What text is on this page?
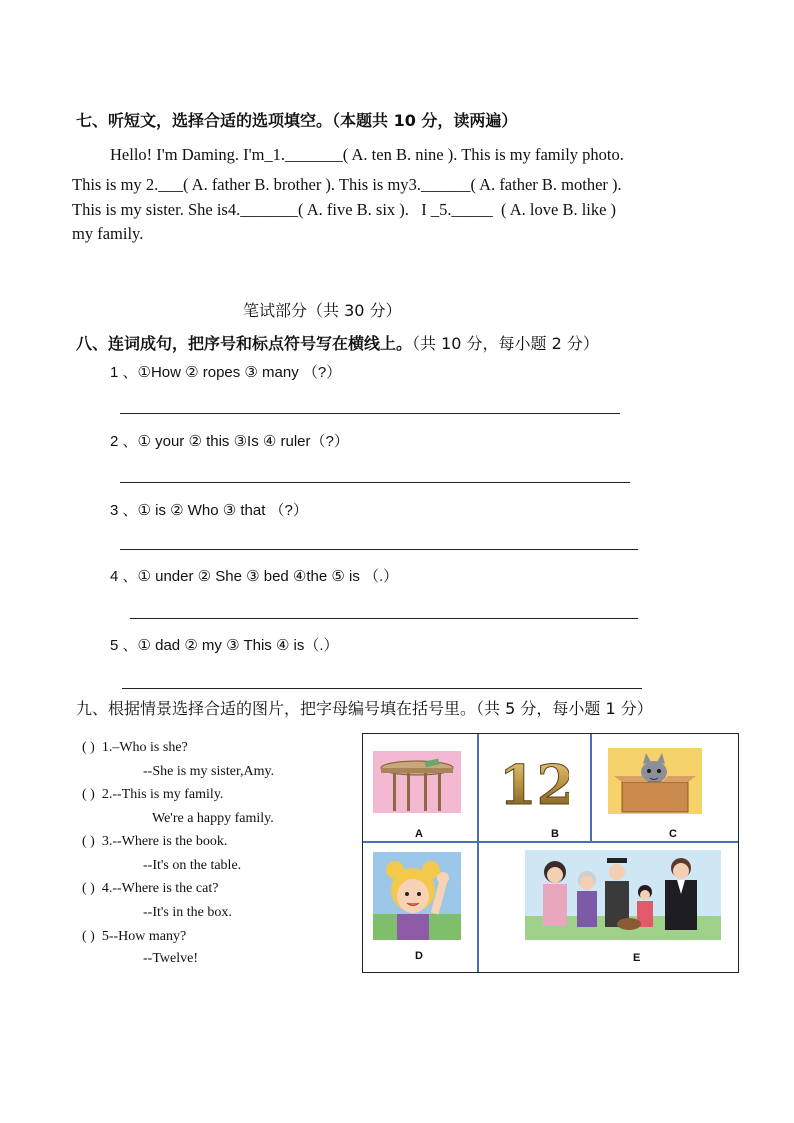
七、听短文，选择合适的选项填空。（本题共 10 分，读两遍）
Hello! I'm Daming. I'm_1._______( A. ten B. nine ). This is my family photo.
This is my 2.___( A. father B. brother ). This is my3.______( A. father B. mother ).
This is my sister. She is4._______( A. five B. six ). I _5._____ ( A. love B. like )
my family.
笔试部分（共 30 分）
八、连词成句，把序号和标点符号写在横线上。（共 10 分，每小题 2 分）
1 、①How ② ropes ③ many （?）
2 、① your ② this ③Is ④ ruler（?）
3 、① is ② Who ③ that （?）
4 、① under ② She ③ bed ④the ⑤ is （.）
5 、① dad ② my ③ This ④ is（.）
九、根据情景选择合适的图片，把字母编号填在括号里。（共 5 分，每小题 1 分）
( ) 1.–Who is she?
--She is my sister,Amy.
( ) 2.--This is my family.
We're a happy family.
( ) 3.--Where is the book.
--It's on the table.
( ) 4.--Where is the cat?
--It's in the box.
( ) 5--How many?
--Twelve!
A
12
B	C
D	E
